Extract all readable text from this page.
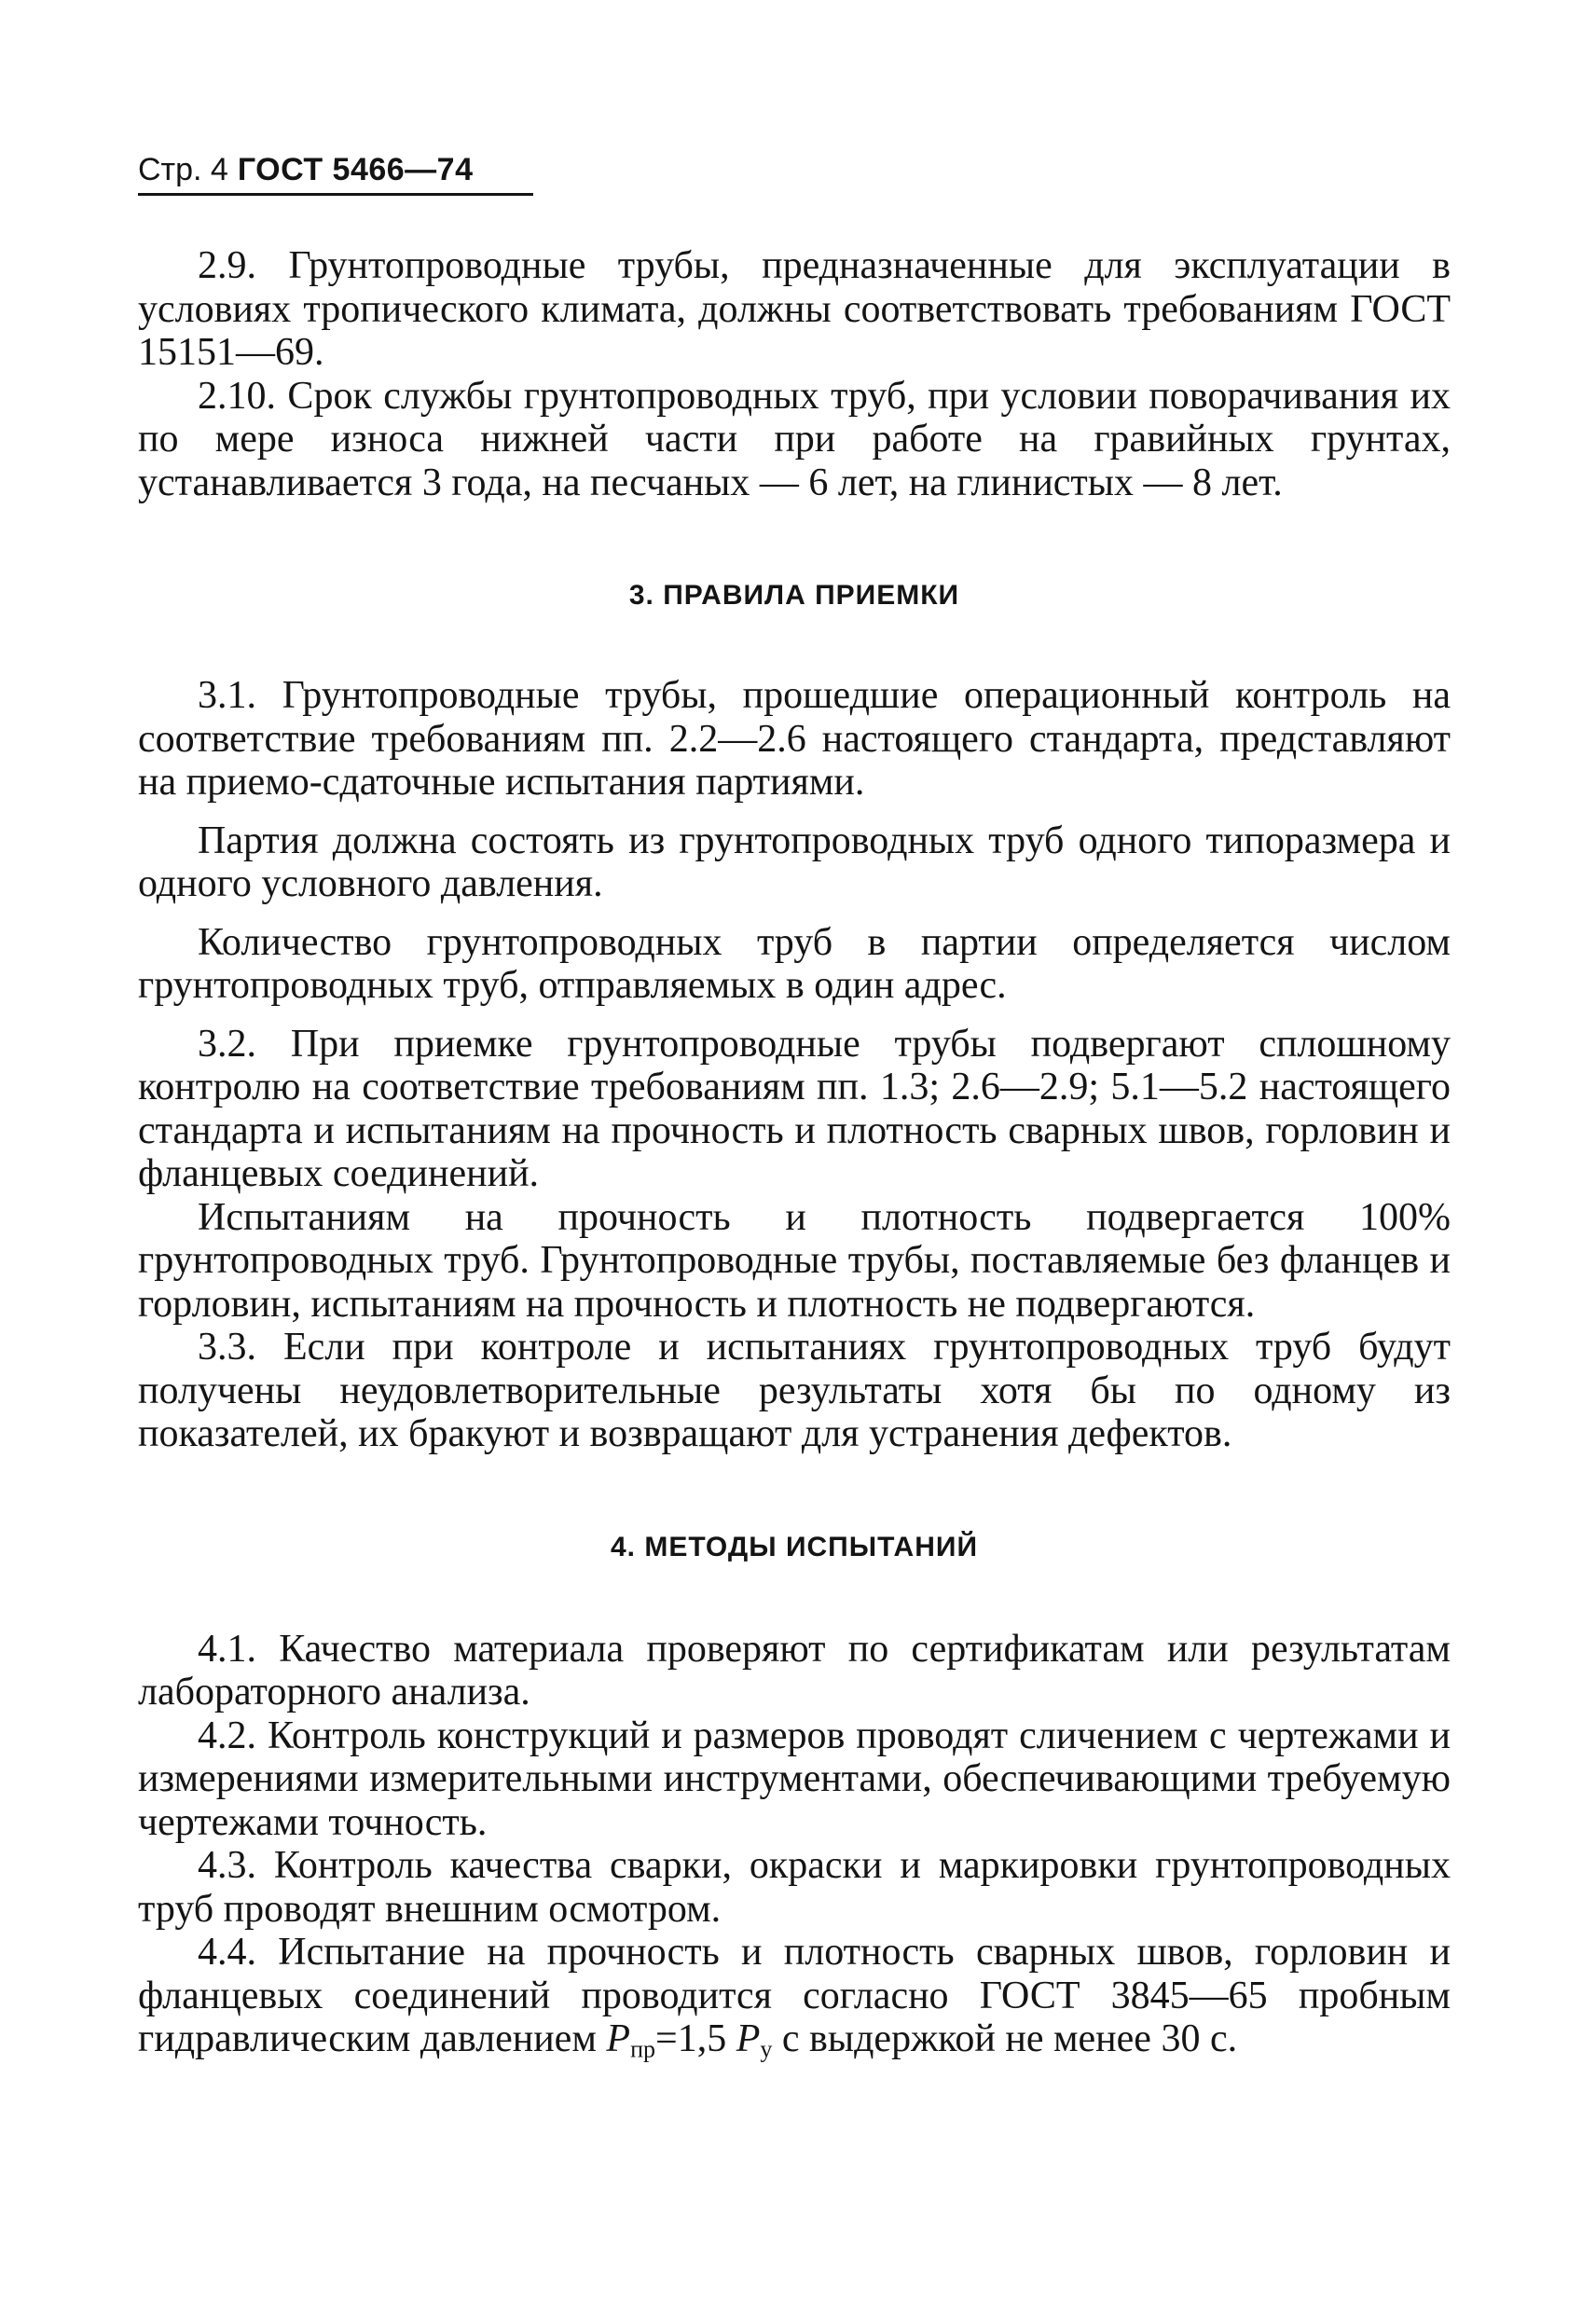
Стр. 4 ГОСТ 5466—74

2.9. Грунтопроводные трубы, предназначенные для эксплуатации в условиях тропического климата, должны соответствовать требованиям ГОСТ 15151—69.

2.10. Срок службы грунтопроводных труб, при условии поворачивания их по мере износа нижней части при работе на гравийных грунтах, устанавливается 3 года, на песчаных — 6 лет, на глинистых — 8 лет.

3. ПРАВИЛА ПРИЕМКИ

3.1. Грунтопроводные трубы, прошедшие операционный контроль на соответствие требованиям пп. 2.2—2.6 настоящего стандарта, представляют на приемо-сдаточные испытания партиями.

Партия должна состоять из грунтопроводных труб одного типоразмера и одного условного давления.

Количество грунтопроводных труб в партии определяется числом грунтопроводных труб, отправляемых в один адрес.

3.2. При приемке грунтопроводные трубы подвергают сплошному контролю на соответствие требованиям пп. 1.3; 2.6—2.9; 5.1—5.2 настоящего стандарта и испытаниям на прочность и плотность сварных швов, горловин и фланцевых соединений.

Испытаниям на прочность и плотность подвергается 100% грунтопроводных труб. Грунтопроводные трубы, поставляемые без фланцев и горловин, испытаниям на прочность и плотность не подвергаются.

3.3. Если при контроле и испытаниях грунтопроводных труб будут получены неудовлетворительные результаты хотя бы по одному из показателей, их бракуют и возвращают для устранения дефектов.

4. МЕТОДЫ ИСПЫТАНИЙ

4.1. Качество материала проверяют по сертификатам или результатам лабораторного анализа.

4.2. Контроль конструкций и размеров проводят сличением с чертежами и измерениями измерительными инструментами, обеспечивающими требуемую чертежами точность.

4.3. Контроль качества сварки, окраски и маркировки грунтопроводных труб проводят внешним осмотром.

4.4. Испытание на прочность и плотность сварных швов, горловин и фланцевых соединений проводится согласно ГОСТ 3845—65 пробным гидравлическим давлением $P_{пр}=1,5$ $P_у$ с выдержкой не менее 30 с.
